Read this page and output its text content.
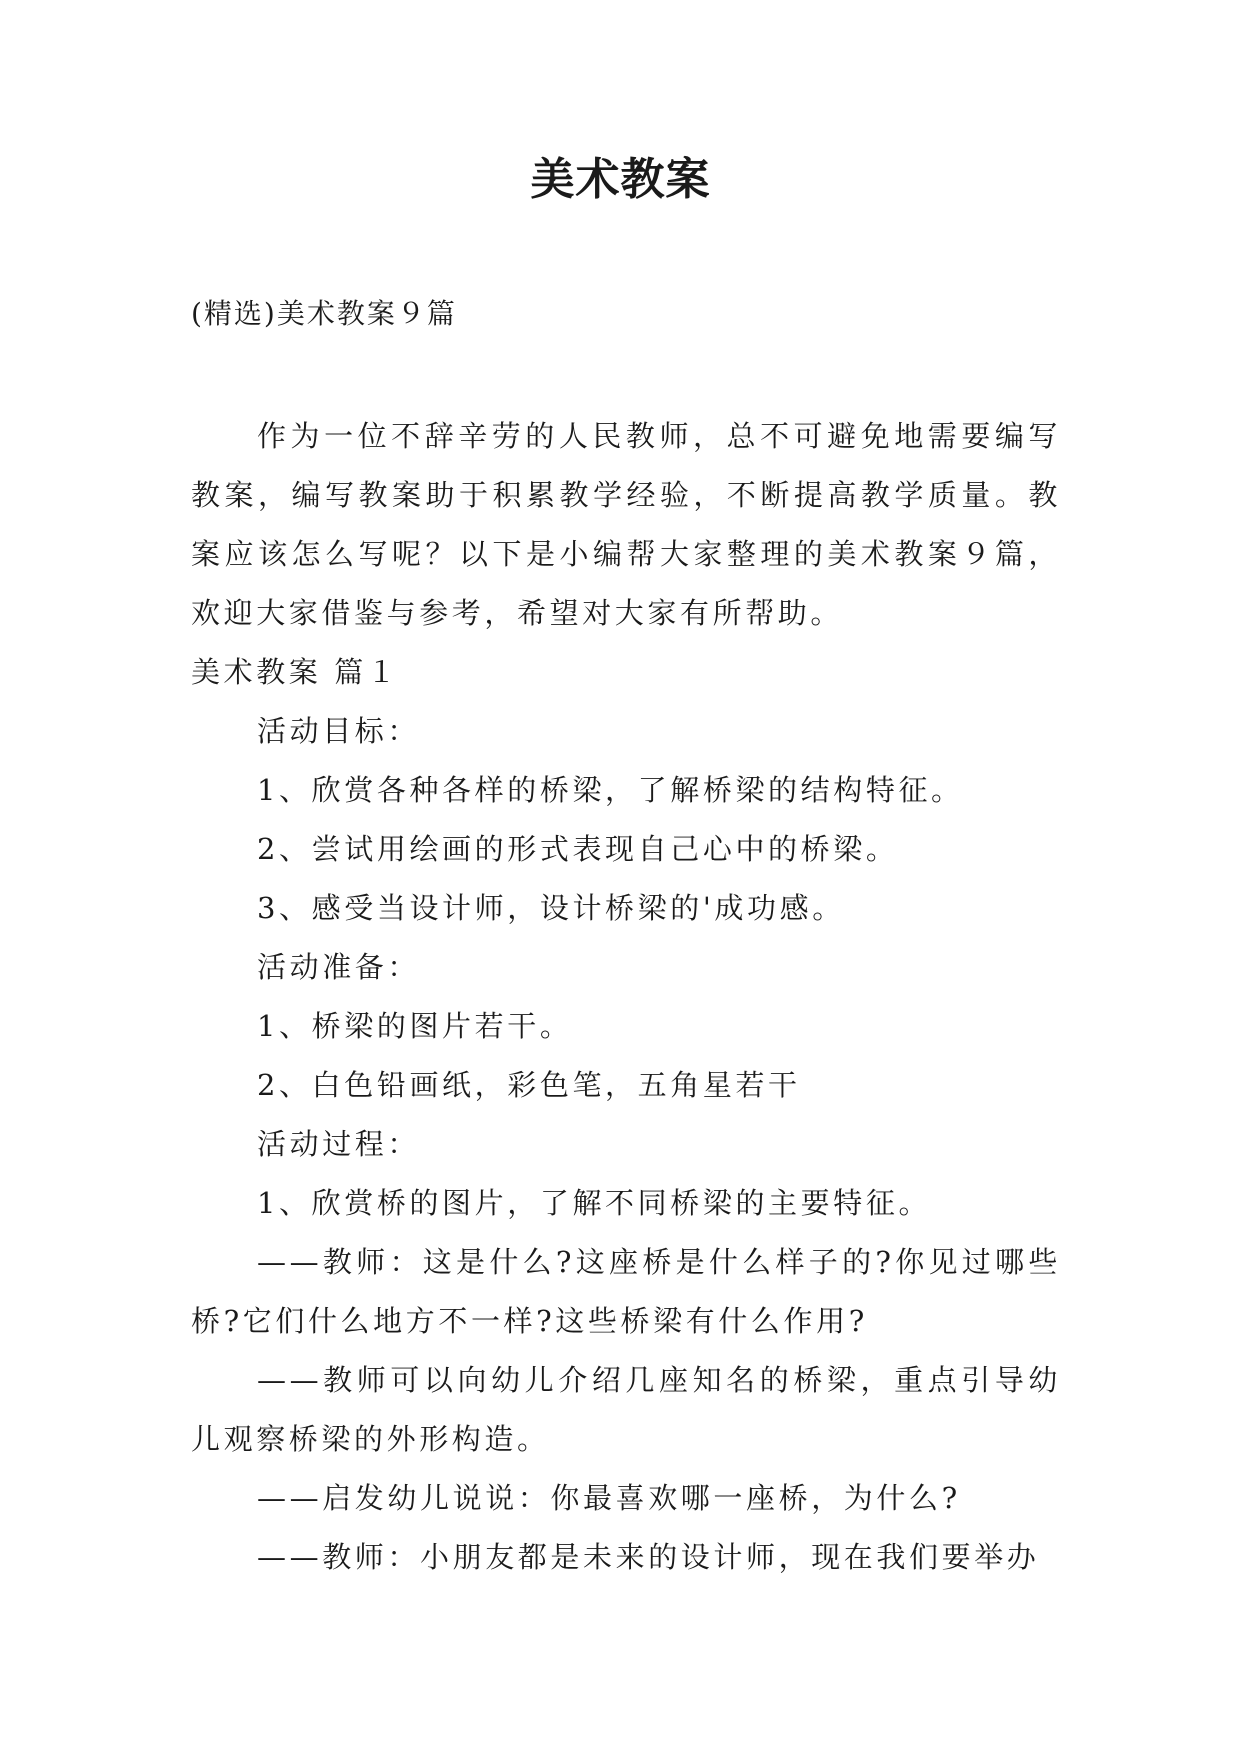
美术教案
(精选)美术教案９篇

作为一位不辞辛劳的人民教师，总不可避免地需要编写教案，编写教案助于积累教学经验，不断提高教学质量。教案应该怎么写呢？以下是小编帮大家整理的美术教案９篇，欢迎大家借鉴与参考，希望对大家有所帮助。

美术教案 篇１

活动目标：

1、欣赏各种各样的桥梁，了解桥梁的结构特征。

2、尝试用绘画的形式表现自己心中的桥梁。

3、感受当设计师，设计桥梁的'成功感。

活动准备：

1、桥梁的图片若干。

2、白色铅画纸，彩色笔，五角星若干

活动过程：

1、欣赏桥的图片，了解不同桥梁的主要特征。

——教师：这是什么?这座桥是什么样子的?你见过哪些桥?它们什么地方不一样?这些桥梁有什么作用?

——教师可以向幼儿介绍几座知名的桥梁，重点引导幼儿观察桥梁的外形构造。

——启发幼儿说说：你最喜欢哪一座桥，为什么?

——教师：小朋友都是未来的设计师，现在我们要举办
